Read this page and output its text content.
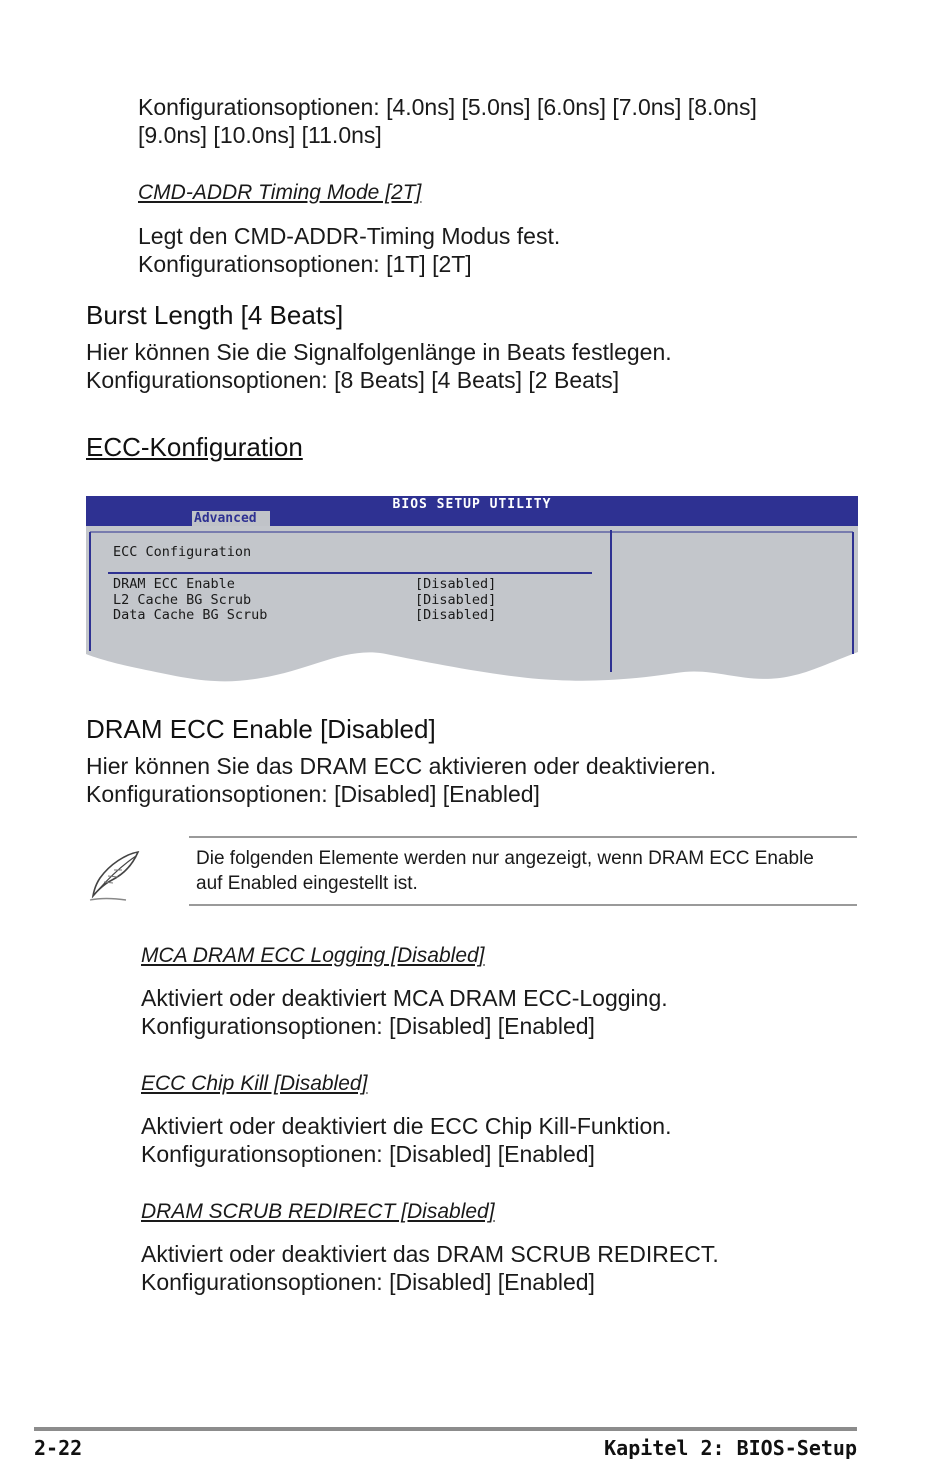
Konfigurationsoptionen: [4.0ns] [5.0ns] [6.0ns] [7.0ns] [8.0ns]
[9.0ns] [10.0ns] [11.0ns]
CMD-ADDR Timing Mode [2T]
Legt den CMD-ADDR-Timing Modus fest.
Konfigurationsoptionen: [1T] [2T]
Burst Length [4 Beats]
Hier können Sie die Signalfolgenlänge in Beats festlegen.
Konfigurationsoptionen: [8 Beats] [4 Beats] [2 Beats]
ECC-Konfiguration
BIOS SETUP UTILITY
Advanced
ECC Configuration
DRAM ECC Enable	[Disabled]
L2 Cache BG Scrub	[Disabled]
Data Cache BG Scrub	[Disabled]
DRAM ECC Enable [Disabled]
Hier können Sie das DRAM ECC aktivieren oder deaktivieren.
Konfigurationsoptionen: [Disabled] [Enabled]
Die folgenden Elemente werden nur angezeigt, wenn DRAM ECC Enable
auf Enabled eingestellt ist.
MCA DRAM ECC Logging [Disabled]
Aktiviert oder deaktiviert MCA DRAM ECC-Logging.
Konfigurationsoptionen: [Disabled] [Enabled]
ECC Chip Kill [Disabled]
Aktiviert oder deaktiviert die ECC Chip Kill-Funktion.
Konfigurationsoptionen: [Disabled] [Enabled]
DRAM SCRUB REDIRECT [Disabled]
Aktiviert oder deaktiviert das DRAM SCRUB REDIRECT.
Konfigurationsoptionen: [Disabled] [Enabled]
2-22	Kapitel 2: BIOS-Setup
